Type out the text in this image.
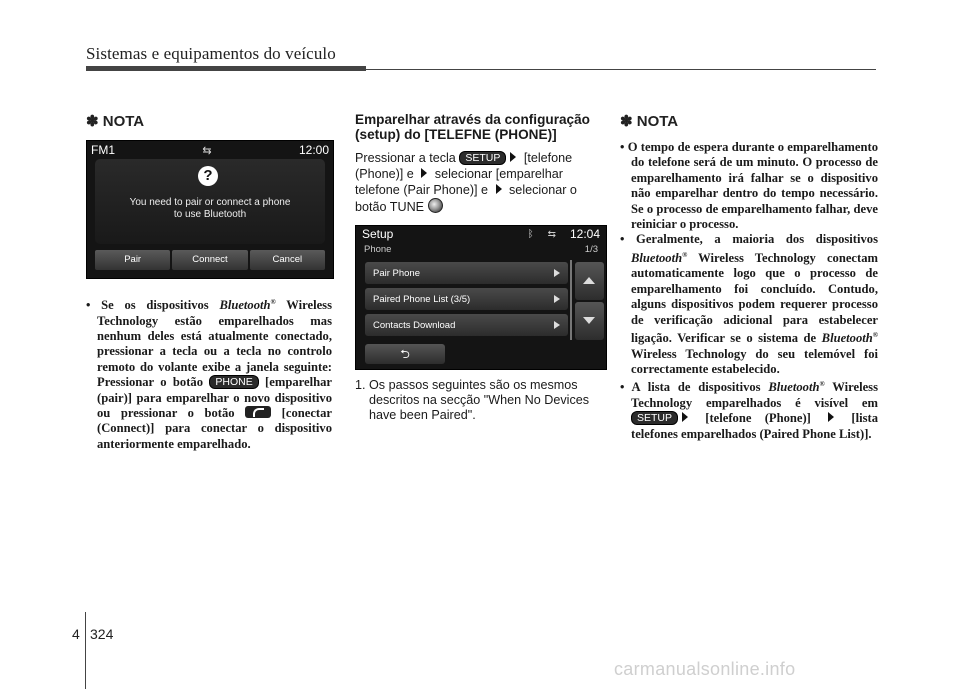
Sistemas e equipamentos do veículo
✽ NOTA
FM1	⇆	12:00
?
You need to pair or connect a phone
to use Bluetooth
Pair	Connect	Cancel

• Se os dispositivos Bluetooth® Wireless Technology estão emparelhados mas nenhum deles está atualmente conectado, pressionar a tecla ou a tecla no controlo remoto do volante exibe a janela seguinte: Pressionar o botão PHONE [emparelhar (pair)] para emparelhar o novo dispositivo ou pressionar o botão  [conectar (Connect)] para conectar o dispositivo anteriormente emparelhado.

Emparelhar através da configuração (setup) do [TELEFNE (PHONE)]

Pressionar a tecla SETUP [telefone (Phone)] e  selecionar [emparelhar telefone (Pair Phone)] e  selecionar o botão TUNE

Setup	ᛒ ⇆ 12:04
Phone	1/3
Pair Phone
Paired Phone List (3/5)
Contacts Download
⮌

1. Os passos seguintes são os mesmos descritos na secção "When No Devices have been Paired".

✽ NOTA

• O tempo de espera durante o emparelhamento do telefone será de um minuto. O processo de emparelhamento irá falhar se o dispositivo não emparelhar dentro do tempo necessário. Se o processo de emparelhamento falhar, deve reiniciar o processo.

• Geralmente, a maioria dos dispositivos Bluetooth® Wireless Technology conectam automaticamente logo que o processo de emparelhamento foi concluído. Contudo, alguns dispositivos podem requerer processo de verificação adicional para estabelecer ligação. Verificar se o sistema de Bluetooth® Wireless Technology do seu telemóvel foi correctamente estabelecido.

• A lista de dispositivos Bluetooth® Wireless Technology emparelhados é visível em SETUP [telefone (Phone)]  [lista telefones emparelhados (Paired Phone List)].

4 324
carmanualsonline.info
